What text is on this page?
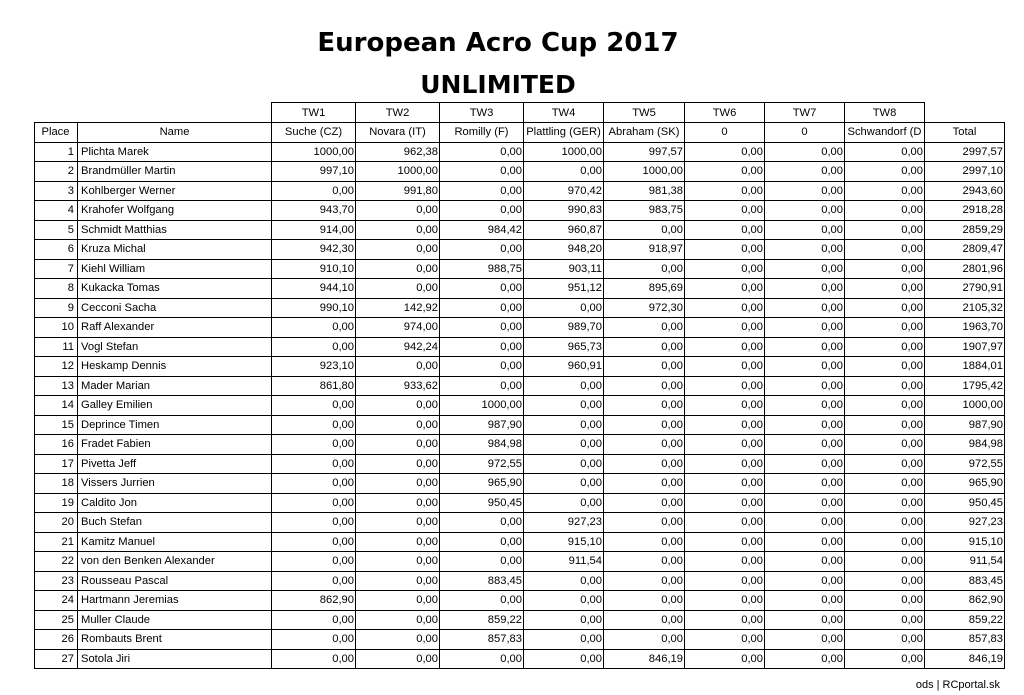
European Acro Cup 2017
UNLIMITED
		TW1	TW2	TW3	TW4	TW5	TW6	TW7	TW8	
Place	Name	Suche (CZ)	Novara (IT)	Romilly (F)	Plattling (GER)	Abraham (SK)	0	0	Schwandorf (D	Total
1	Plichta Marek	1000,00	962,38	0,00	1000,00	997,57	0,00	0,00	0,00	2997,57
2	Brandmüller Martin	997,10	1000,00	0,00	0,00	1000,00	0,00	0,00	0,00	2997,10
3	Kohlberger Werner	0,00	991,80	0,00	970,42	981,38	0,00	0,00	0,00	2943,60
4	Krahofer Wolfgang	943,70	0,00	0,00	990,83	983,75	0,00	0,00	0,00	2918,28
5	Schmidt Matthias	914,00	0,00	984,42	960,87	0,00	0,00	0,00	0,00	2859,29
6	Kruza Michal	942,30	0,00	0,00	948,20	918,97	0,00	0,00	0,00	2809,47
7	Kiehl William	910,10	0,00	988,75	903,11	0,00	0,00	0,00	0,00	2801,96
8	Kukacka Tomas	944,10	0,00	0,00	951,12	895,69	0,00	0,00	0,00	2790,91
9	Cecconi Sacha	990,10	142,92	0,00	0,00	972,30	0,00	0,00	0,00	2105,32
10	Raff Alexander	0,00	974,00	0,00	989,70	0,00	0,00	0,00	0,00	1963,70
11	Vogl Stefan	0,00	942,24	0,00	965,73	0,00	0,00	0,00	0,00	1907,97
12	Heskamp Dennis	923,10	0,00	0,00	960,91	0,00	0,00	0,00	0,00	1884,01
13	Mader Marian	861,80	933,62	0,00	0,00	0,00	0,00	0,00	0,00	1795,42
14	Galley Emilien	0,00	0,00	1000,00	0,00	0,00	0,00	0,00	0,00	1000,00
15	Deprince Timen	0,00	0,00	987,90	0,00	0,00	0,00	0,00	0,00	987,90
16	Fradet Fabien	0,00	0,00	984,98	0,00	0,00	0,00	0,00	0,00	984,98
17	Pivetta Jeff	0,00	0,00	972,55	0,00	0,00	0,00	0,00	0,00	972,55
18	Vissers Jurrien	0,00	0,00	965,90	0,00	0,00	0,00	0,00	0,00	965,90
19	Caldito Jon	0,00	0,00	950,45	0,00	0,00	0,00	0,00	0,00	950,45
20	Buch Stefan	0,00	0,00	0,00	927,23	0,00	0,00	0,00	0,00	927,23
21	Kamitz Manuel	0,00	0,00	0,00	915,10	0,00	0,00	0,00	0,00	915,10
22	von den Benken Alexander	0,00	0,00	0,00	911,54	0,00	0,00	0,00	0,00	911,54
23	Rousseau Pascal	0,00	0,00	883,45	0,00	0,00	0,00	0,00	0,00	883,45
24	Hartmann Jeremias	862,90	0,00	0,00	0,00	0,00	0,00	0,00	0,00	862,90
25	Muller Claude	0,00	0,00	859,22	0,00	0,00	0,00	0,00	0,00	859,22
26	Rombauts Brent	0,00	0,00	857,83	0,00	0,00	0,00	0,00	0,00	857,83
27	Sotola Jiri	0,00	0,00	0,00	0,00	846,19	0,00	0,00	0,00	846,19
ods | RCportal.sk
